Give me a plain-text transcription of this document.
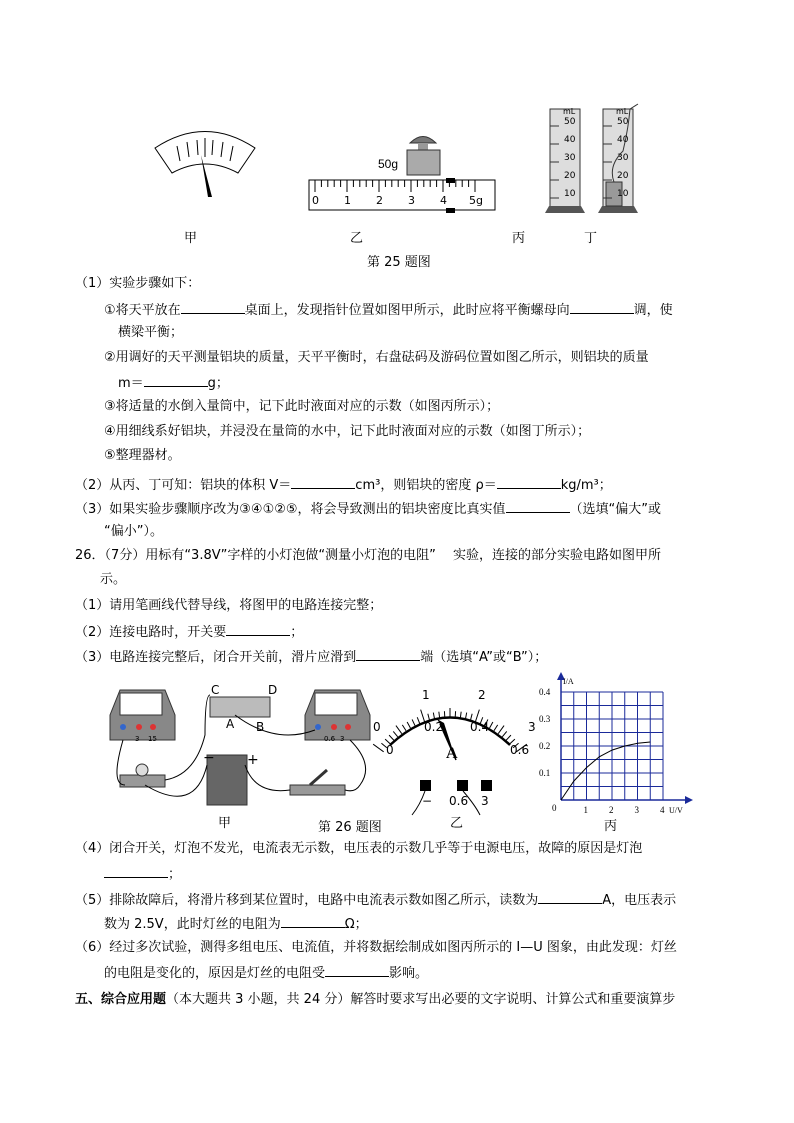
50g
0 1 2 3 4 5g
mL	mL
50
40
30
20
10
50
40
30
20
10
甲	乙	丙	丁
第 25 题图
（1）实验步骤如下：
①将天平放在	桌面上，发现指针位置如图甲所示，此时应将平衡螺母向	调，使
横梁平衡；
②用调好的天平测量铝块的质量，天平平衡时，右盘砝码及游码位置如图乙所示，则铝块的质量
m＝	g；
③将适量的水倒入量筒中，记下此时液面对应的示数（如图丙所示）；
④用细线系好铝块，并浸没在量筒的水中，记下此时液面对应的示数（如图丁所示）；
⑤整理器材。
（2）从丙、丁可知：铝块的体积 V＝	cm³，则铝块的密度 ρ＝	kg/m³；
（3）如果实验步骤顺序改为③④①②⑤，将会导致测出的铝块密度比真实值	（选填“偏大”或
“偏小”）。
26．（7分）用标有“3.8V”字样的小灯泡做“测量小灯泡的电阻”　 实验，连接的部分实验电路如图甲所
示。
（1）请用笔画线代替导线，将图甲的电路连接完整；
（2）连接电路时，开关要	；
（3）电路连接完整后，闭合开关前，滑片应滑到	端（选填“A”或“B”）；
C	D
A B
3 15	0.6 3
− +
甲	第 26 题图
0
1	2
3
0
0.2 0.4
0.6
A
− 0.6 3
乙
1 2 3 4
0.1
0.2
0.3
0.4
0	U/V
I/A
丙
（4）闭合开关，灯泡不发光，电流表无示数，电压表的示数几乎等于电源电压，故障的原因是灯泡
；
（5）排除故障后，将滑片移到某位置时，电路中电流表示数如图乙所示，读数为	A，电压表示
数为 2.5V，此时灯丝的电阻为	Ω；
（6）经过多次试验，测得多组电压、电流值，并将数据绘制成如图丙所示的 I—U 图象，由此发现：灯丝
的电阻是变化的，原因是灯丝的电阻受	影响。
五、综合应用题（本大题共 3 小题，共 24 分）解答时要求写出必要的文字说明、计算公式和重要演算步
